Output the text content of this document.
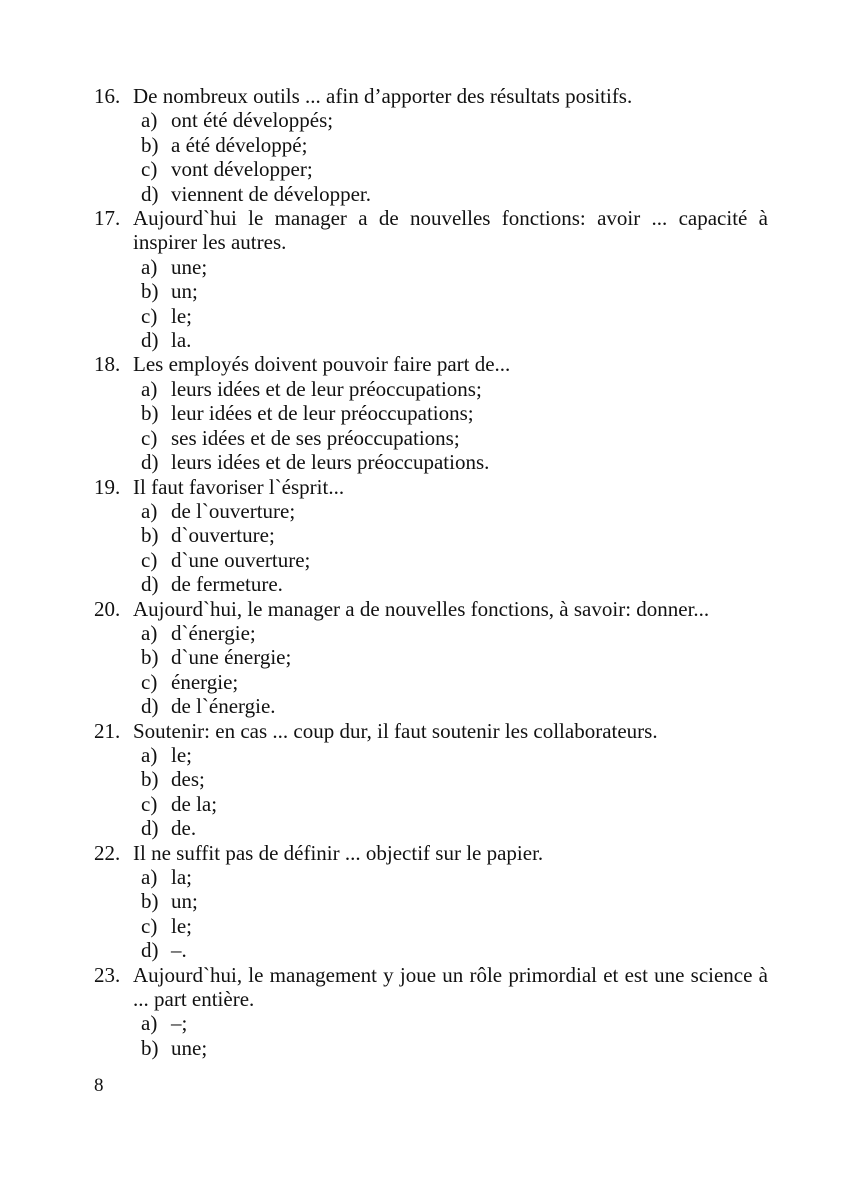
16. De nombreux outils ... afin d’apporter des résultats positifs.
a) ont été développés;
b) a été développé;
c) vont développer;
d) viennent de développer.
17. Aujourd`hui le manager a de nouvelles fonctions: avoir ... capacité à inspirer les autres.
a) une;
b) un;
c) le;
d) la.
18. Les employés doivent pouvoir faire part de...
a) leurs idées et de leur préoccupations;
b) leur idées et de leur préoccupations;
c) ses idées et de ses préoccupations;
d) leurs idées et de leurs préoccupations.
19. Il faut favoriser l`ésprit...
a) de l`ouverture;
b) d`ouverture;
c) d`une ouverture;
d) de fermeture.
20. Aujourd`hui, le manager a de nouvelles fonctions, à savoir: donner...
a) d`énergie;
b) d`une énergie;
c) énergie;
d) de l`énergie.
21. Soutenir: en cas ... coup dur, il faut soutenir les collaborateurs.
a) le;
b) des;
c) de la;
d) de.
22. Il ne suffit pas de définir ... objectif sur le papier.
a) la;
b) un;
c) le;
d) –.
23. Aujourd`hui, le management y joue un rôle primordial et est une science à ... part entière.
a) –;
b) une;
8
